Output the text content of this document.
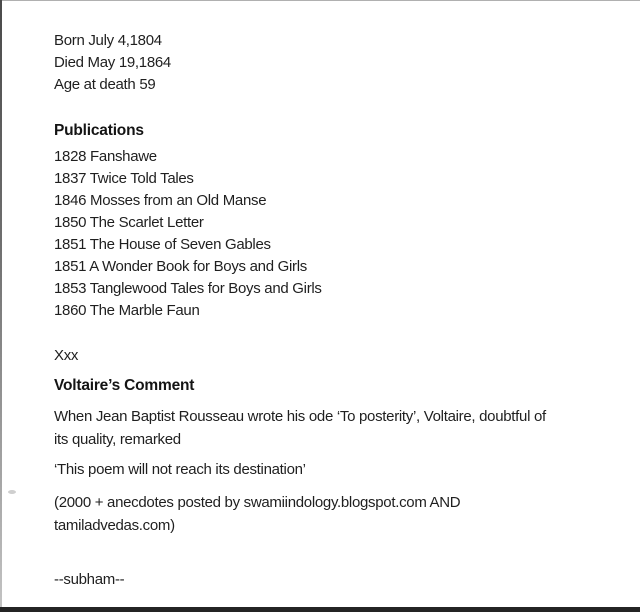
Born July 4,1804
Died May 19,1864
Age at death 59
Publications
1828 Fanshawe
1837 Twice Told Tales
1846 Mosses from an Old Manse
1850 The Scarlet Letter
1851 The House of Seven Gables
1851 A Wonder Book for Boys and Girls
1853 Tanglewood Tales for Boys and Girls
1860 The Marble Faun
Xxx
Voltaire’s Comment
When Jean Baptist Rousseau wrote his ode ‘To posterity’, Voltaire, doubtful of
its quality, remarked
‘This poem will not reach its destination’
(2000 + anecdotes posted by swamiindology.blogspot.com AND
tamiladvedas.com)
--subham--
